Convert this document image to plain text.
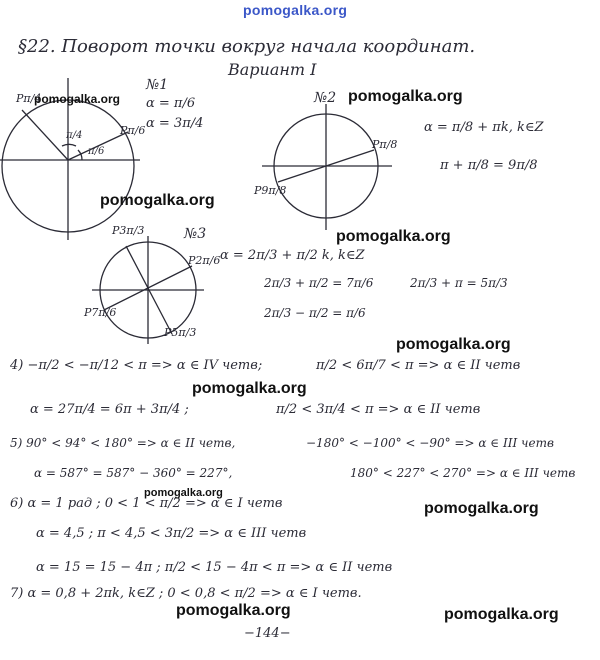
pomogalka.org
§22. Поворот точки вокруг начала координат.
Вариант I
№1
Pπ/4
Pπ/6
α = π/6
α = 3π/4
π/4
π/6
№2
Pπ/8
P9π/8
α = π/8 + πk, k∈Z
π + π/8 = 9π/8
№3
P3π/3
P2π/6
P7π/6
P5π/3
α = 2π/3 + π/2 k, k∈Z
2π/3 + π/2 = 7π/6
2π/3 − π/2 = π/6
2π/3 + π = 5π/3
4) −π/2 < −π/12 < π => α ∈ IV четв;	π/2 < 6π/7 < π => α ∈ II четв
α = 27π/4 = 6π + 3π/4 ;	π/2 < 3π/4 < π => α ∈ II четв
5) 90° < 94° < 180° => α ∈ II четв,	−180° < −100° < −90° => α ∈ III четв
α = 587° = 587° − 360° = 227°,	180° < 227° < 270° => α ∈ III четв
6) α = 1 рад ; 0 < 1 < π/2 => α ∈ I четв
α = 4,5 ; π < 4,5 < 3π/2 => α ∈ III четв
α = 15 = 15 − 4π ; π/2 < 15 − 4π < π => α ∈ II четв
7) α = 0,8 + 2πk, k∈Z ; 0 < 0,8 < π/2 => α ∈ I четв.
−144−
pomogalka.org	pomogalka.org
pomogalka.org
pomogalka.org
pomogalka.org
pomogalka.org
pomogalka.org
pomogalka.org
pomogalka.org	pomogalka.org
